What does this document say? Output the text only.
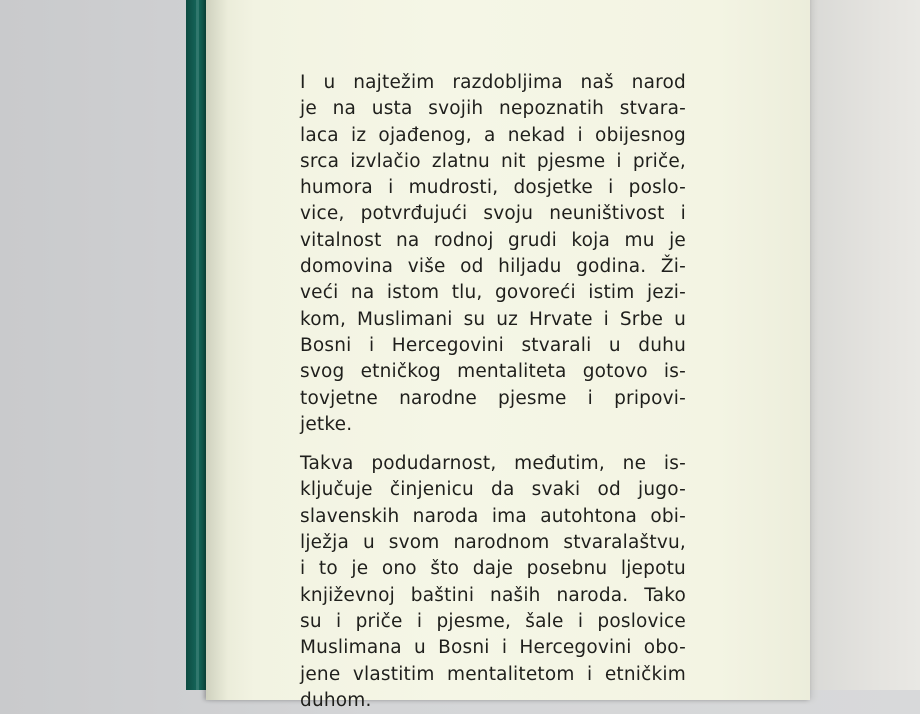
I u najtežim razdobljima naš narod
je na usta svojih nepoznatih stvara-
laca iz ojađenog, a nekad i obijesnog
srca izvlačio zlatnu nit pjesme i priče,
humora i mudrosti, dosjetke i poslo-
vice, potvrđujući svoju neuništivost i
vitalnost na rodnoj grudi koja mu je
domovina više od hiljadu godina. Ži-
veći na istom tlu, govoreći istim jezi-
kom, Muslimani su uz Hrvate i Srbe u
Bosni i Hercegovini stvarali u duhu
svog etničkog mentaliteta gotovo is-
tovjetne narodne pjesme i pripovi-
jetke.
Takva podudarnost, međutim, ne is-
ključuje činjenicu da svaki od jugo-
slavenskih naroda ima autohtona obi-
lježja u svom narodnom stvaralaštvu,
i to je ono što daje posebnu ljepotu
književnoj baštini naših naroda. Tako
su i priče i pjesme, šale i poslovice
Muslimana u Bosni i Hercegovini obo-
jene vlastitim mentalitetom i etničkim
duhom.
